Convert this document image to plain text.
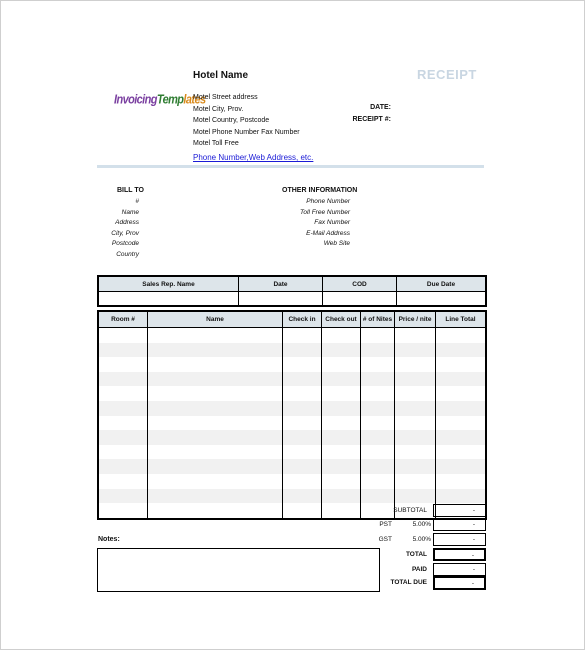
InvoicingTemplates
Hotel Name	RECEIPT
Motel Street address
Motel City, Prov.
Motel Country, Postcode
Motel Phone Number Fax Number
Motel Toll Free
Phone Number,Web Address, etc.
DATE:
RECEIPT #:
BILL TO
#
Name
Address
City, Prov
Postcode
Country
OTHER INFORMATION
Phone Number
Toll Free Number
Fax Number
E-Mail Address
Web Site
Sales Rep. Name	Date	COD	Due Date

Room #	Name	Check in	Check out	# of Nites	Price / nite	Line Total

SUBTOTAL	-
PST	5.00%	-
GST	5.00%	-
Notes:
TOTAL	-
PAID	-
TOTAL DUE	-
